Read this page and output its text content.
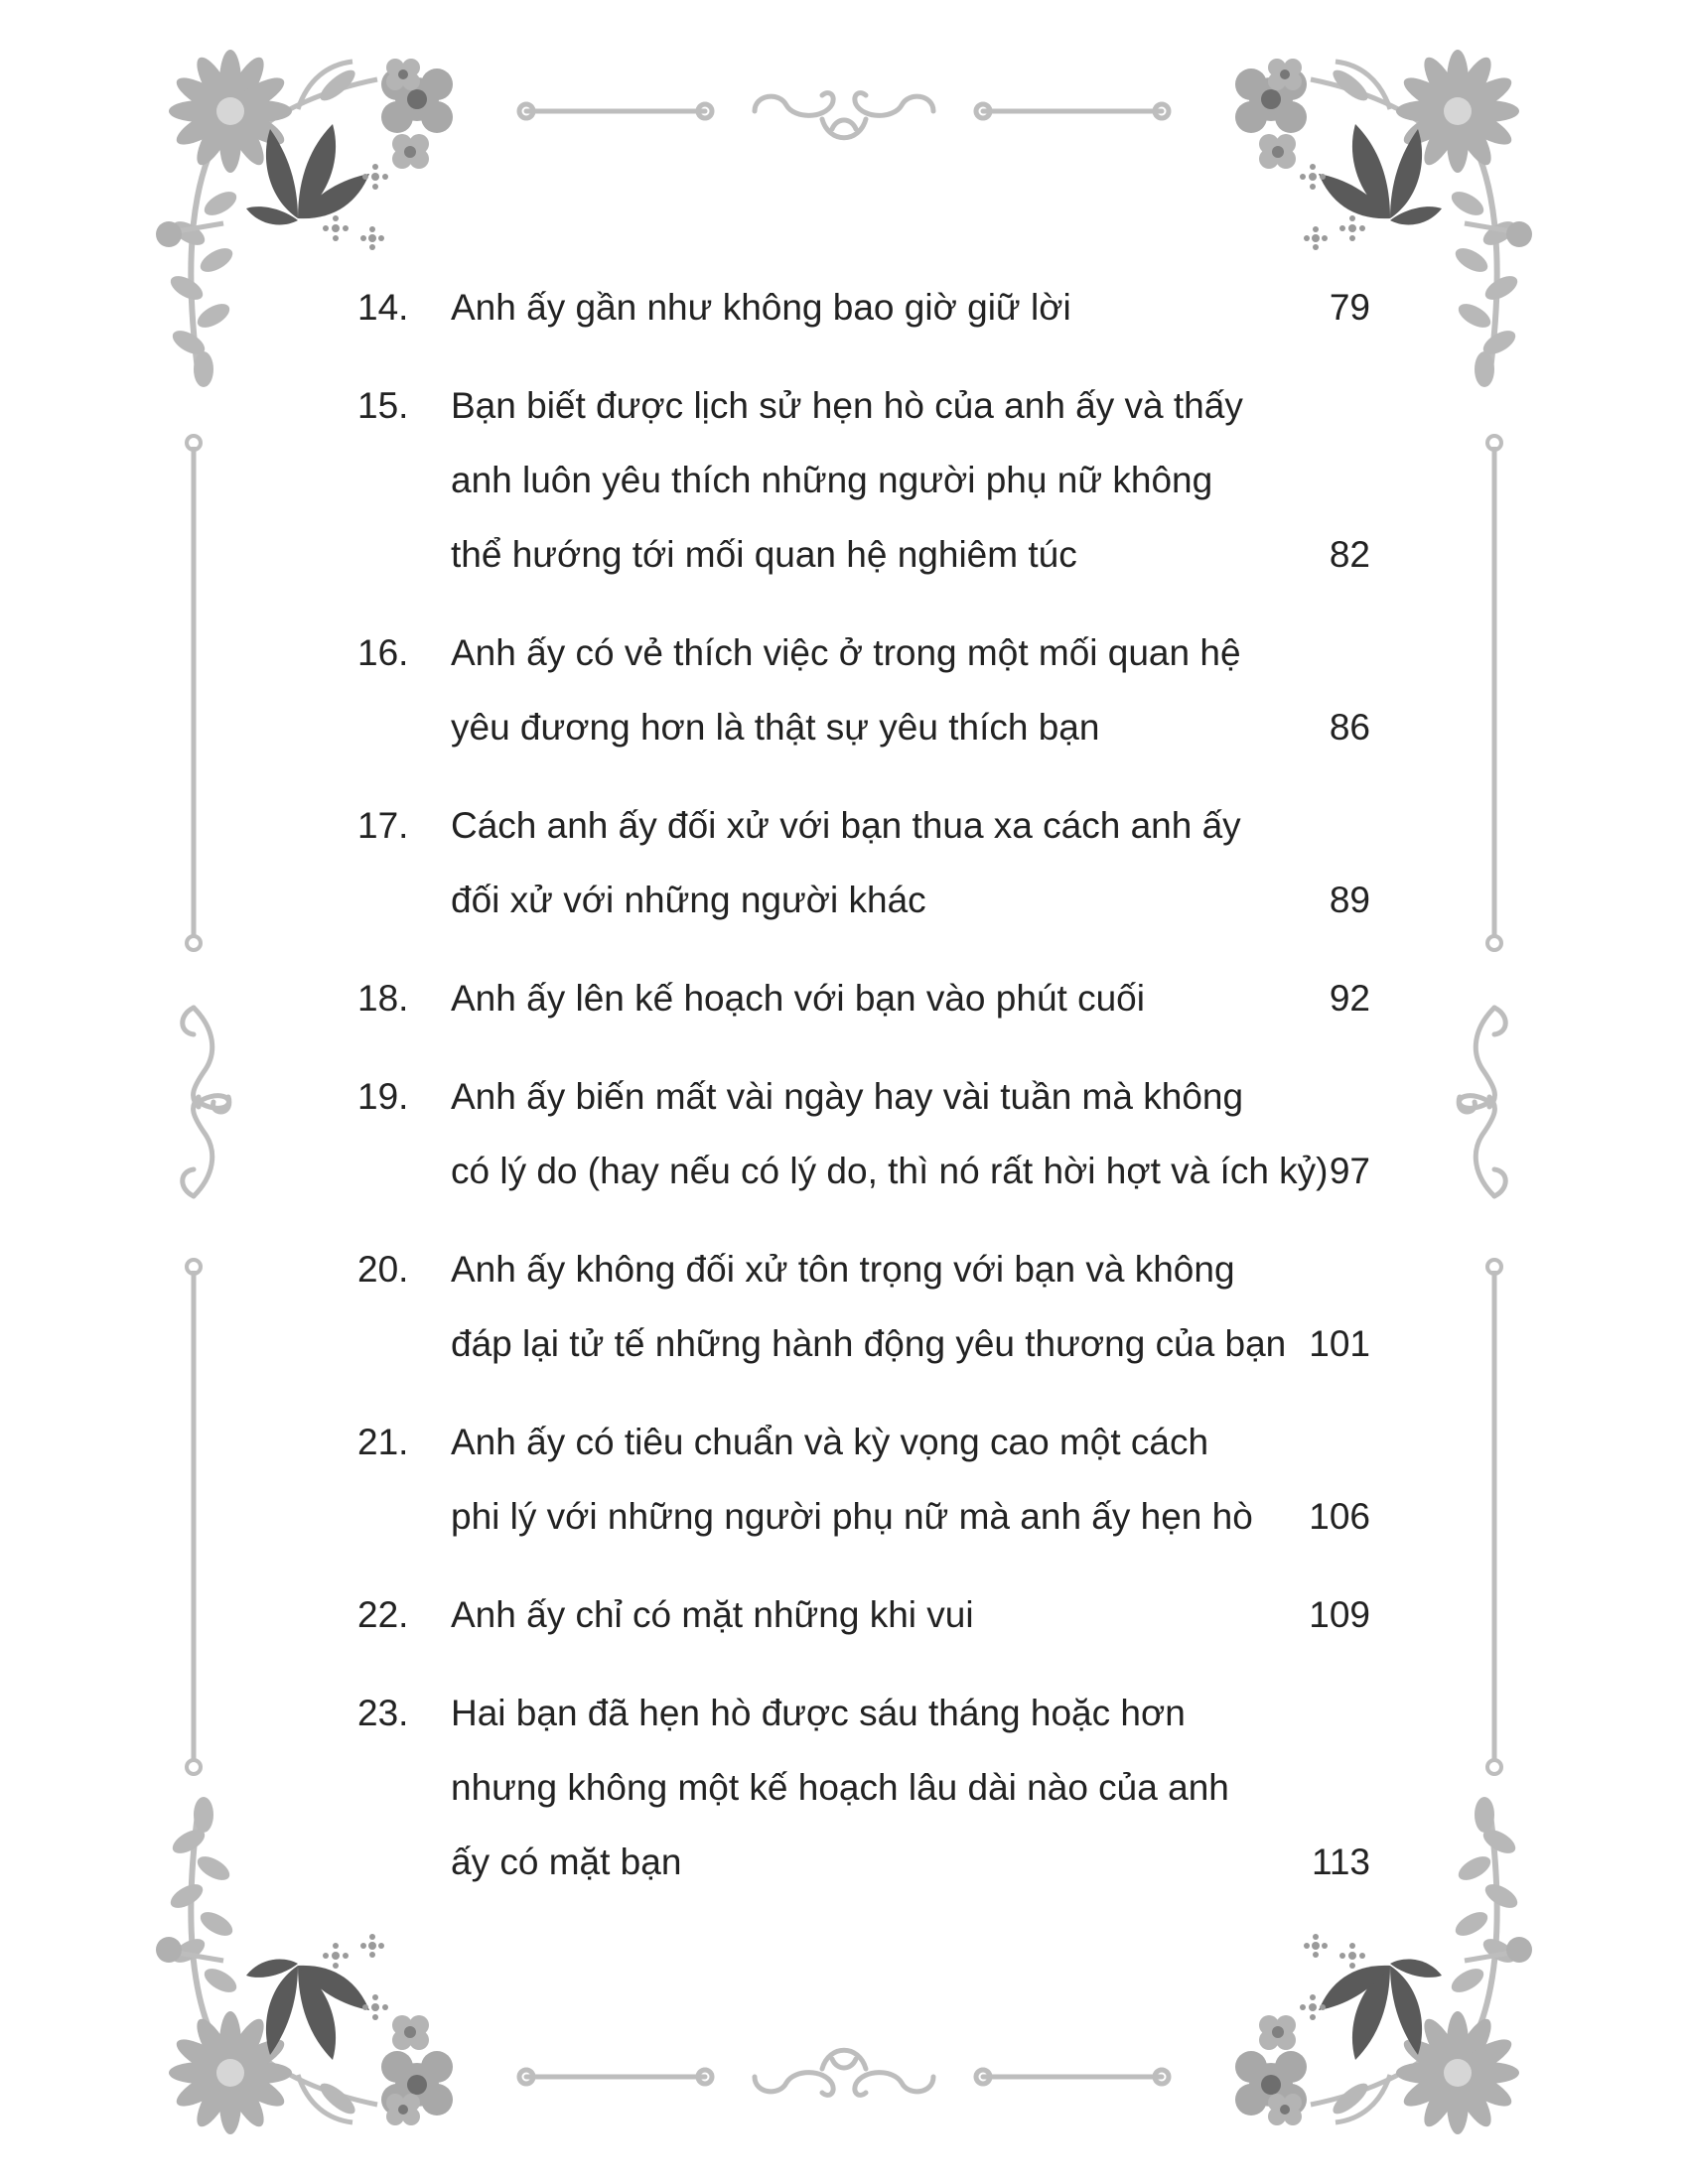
14. Anh ấy gần như không bao giờ giữ lời	79
15. Bạn biết được lịch sử hẹn hò của anh ấy và thấy
anh luôn yêu thích những người phụ nữ không
thể hướng tới mối quan hệ nghiêm túc	82
16. Anh ấy có vẻ thích việc ở trong một mối quan hệ
yêu đương hơn là thật sự yêu thích bạn	86
17. Cách anh ấy đối xử với bạn thua xa cách anh ấy
đối xử với những người khác	89
18. Anh ấy lên kế hoạch với bạn vào phút cuối	92
19. Anh ấy biến mất vài ngày hay vài tuần mà không
có lý do (hay nếu có lý do, thì nó rất hời hợt và ích kỷ) 97
20. Anh ấy không đối xử tôn trọng với bạn và không
đáp lại tử tế những hành động yêu thương của bạn 101
21. Anh ấy có tiêu chuẩn và kỳ vọng cao một cách
phi lý với những người phụ nữ mà anh ấy hẹn hò	106
22. Anh ấy chỉ có mặt những khi vui	109
23. Hai bạn đã hẹn hò được sáu tháng hoặc hơn
nhưng không một kế hoạch lâu dài nào của anh
ấy có mặt bạn	113
